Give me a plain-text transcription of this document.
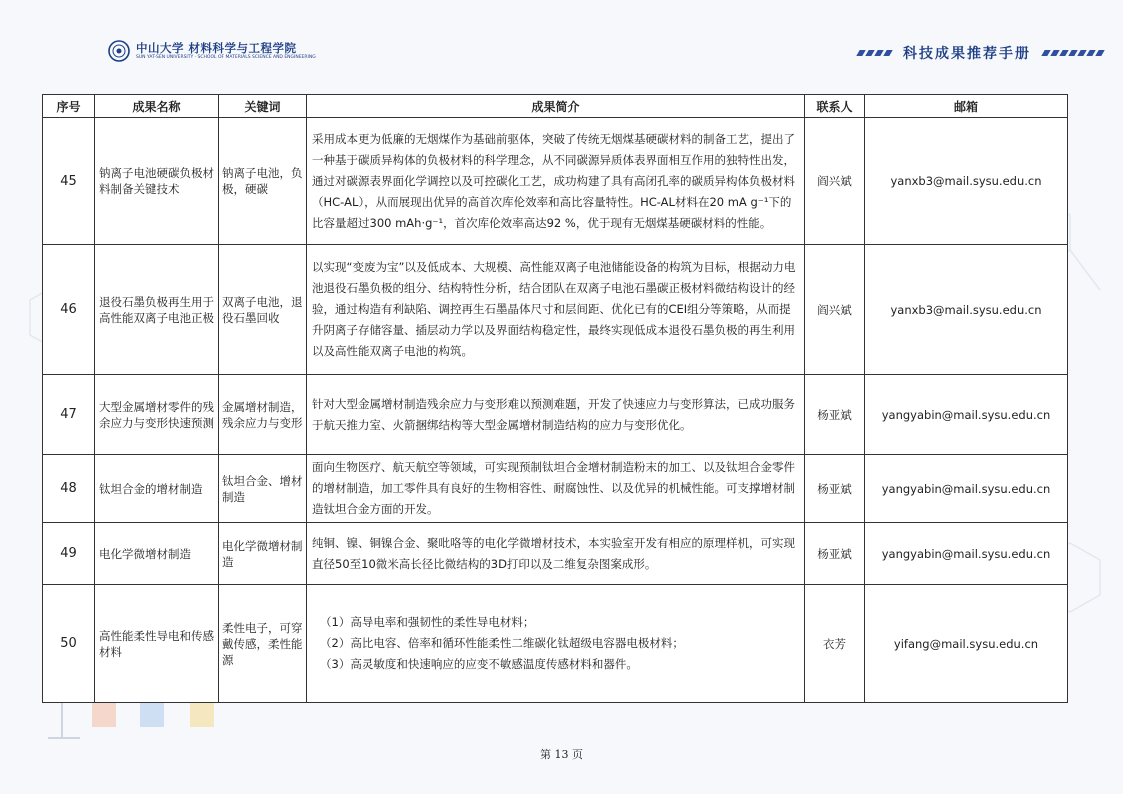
中山大学 材料科学与工程学院
SUN YAT-SEN UNIVERSITY · SCHOOL OF MATERIALS SCIENCE AND ENGINEERING	科技成果推荐手册
序号	成果名称	关键词	成果简介	联系人	邮箱
45	钠离子电池硬碳负极材料制备关键技术	钠离子电池，负极，硬碳	采用成本更为低廉的无烟煤作为基础前驱体，突破了传统无烟煤基硬碳材料的制备工艺，提出了一种基于碳质异构体的负极材料的科学理念，从不同碳源异质体表界面相互作用的独特性出发，通过对碳源表界面化学调控以及可控碳化工艺，成功构建了具有高闭孔率的碳质异构体负极材料（HC-AL），从而展现出优异的高首次库伦效率和高比容量特性。HC-AL材料在20 mA g⁻¹下的比容量超过300 mAh·g⁻¹，首次库伦效率高达92 %，优于现有无烟煤基硬碳材料的性能。	阎兴斌	yanxb3@mail.sysu.edu.cn
46	退役石墨负极再生用于高性能双离子电池正极	双离子电池，退役石墨回收	以实现“变废为宝”以及低成本、大规模、高性能双离子电池储能设备的构筑为目标，根据动力电池退役石墨负极的组分、结构特性分析，结合团队在双离子电池石墨碳正极材料微结构设计的经验，通过构造有利缺陷、调控再生石墨晶体尺寸和层间距、优化已有的CEI组分等策略，从而提升阴离子存储容量、插层动力学以及界面结构稳定性，最终实现低成本退役石墨负极的再生利用以及高性能双离子电池的构筑。	阎兴斌	yanxb3@mail.sysu.edu.cn
47	大型金属增材零件的残余应力与变形快速预测	金属增材制造，残余应力与变形	针对大型金属增材制造残余应力与变形难以预测难题，开发了快速应力与变形算法，已成功服务于航天推力室、火箭捆绑结构等大型金属增材制造结构的应力与变形优化。	杨亚斌	yangyabin@mail.sysu.edu.cn
48	钛坦合金的增材制造	钛坦合金、增材制造	面向生物医疗、航天航空等领域，可实现预制钛坦合金增材制造粉末的加工、以及钛坦合金零件的增材制造，加工零件具有良好的生物相容性、耐腐蚀性、以及优异的机械性能。可支撑增材制造钛坦合金方面的开发。	杨亚斌	yangyabin@mail.sysu.edu.cn
49	电化学微增材制造	电化学微增材制造	纯铜、镍、铜镍合金、聚吡咯等的电化学微增材技术，本实验室开发有相应的原理样机，可实现直径50至10微米高长径比微结构的3D打印以及二维复杂图案成形。	杨亚斌	yangyabin@mail.sysu.edu.cn
50	高性能柔性导电和传感材料	柔性电子，可穿戴传感，柔性能源	（1）高导电率和强韧性的柔性导电材料；
（2）高比电容、倍率和循环性能柔性二维碳化钛超级电容器电极材料；
（3）高灵敏度和快速响应的应变不敏感温度传感材料和器件。	衣芳	yifang@mail.sysu.edu.cn
第 13 页
